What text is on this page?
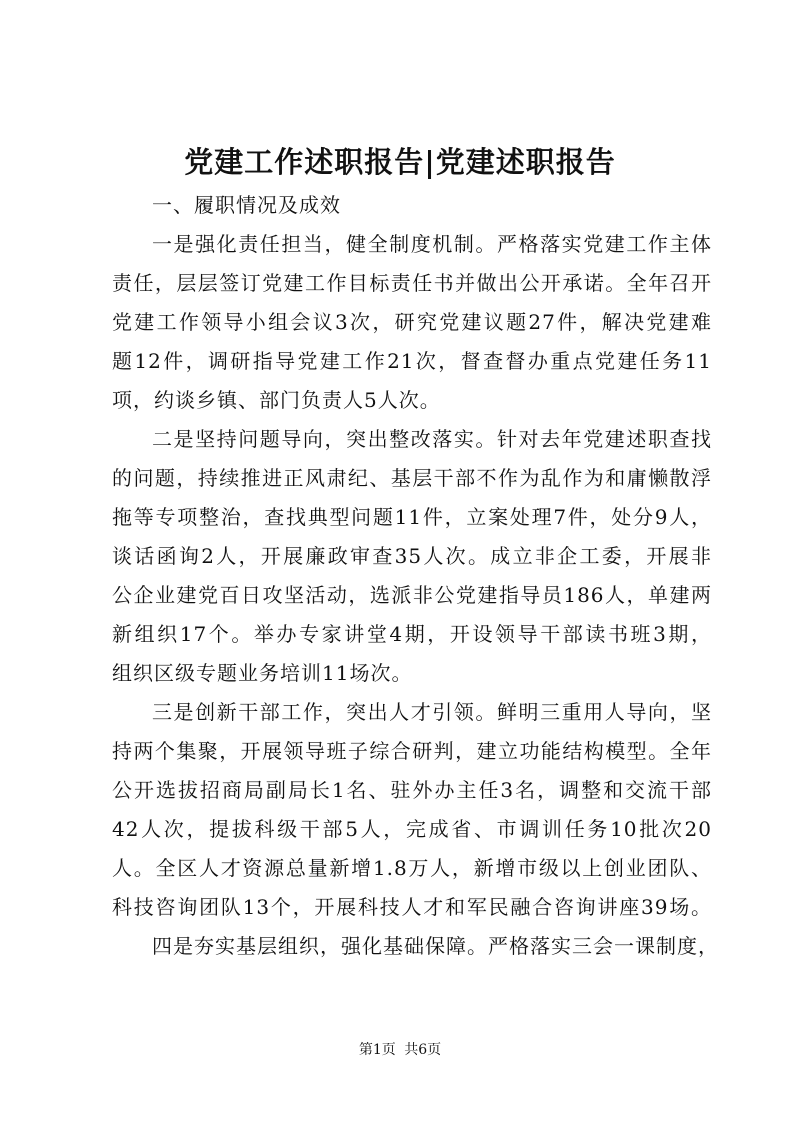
党建工作述职报告|党建述职报告
一、履职情况及成效
一是强化责任担当，健全制度机制。严格落实党建工作主体
责任，层层签订党建工作目标责任书并做出公开承诺。全年召开
党建工作领导小组会议3次，研究党建议题27件，解决党建难
题12件，调研指导党建工作21次，督查督办重点党建任务11
项，约谈乡镇、部门负责人5人次。
二是坚持问题导向，突出整改落实。针对去年党建述职查找
的问题，持续推进正风肃纪、基层干部不作为乱作为和庸懒散浮
拖等专项整治，查找典型问题11件，立案处理7件，处分9人，
谈话函询2人，开展廉政审查35人次。成立非企工委，开展非
公企业建党百日攻坚活动，选派非公党建指导员186人，单建两
新组织17个。举办专家讲堂4期，开设领导干部读书班3期，
组织区级专题业务培训11场次。
三是创新干部工作，突出人才引领。鲜明三重用人导向，坚
持两个集聚，开展领导班子综合研判，建立功能结构模型。全年
公开选拔招商局副局长1名、驻外办主任3名，调整和交流干部
42人次，提拔科级干部5人，完成省、市调训任务10批次20
人。全区人才资源总量新增1.8万人，新增市级以上创业团队、
科技咨询团队13个，开展科技人才和军民融合咨询讲座39场。
四是夯实基层组织，强化基础保障。严格落实三会一课制度，
第1页 共6页
